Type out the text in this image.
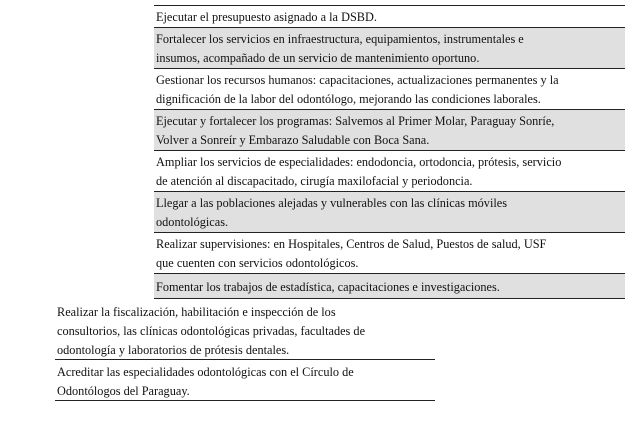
Ejecutar el presupuesto asignado a la DSBD.
Fortalecer los servicios en infraestructura, equipamientos, instrumentales e
insumos, acompañado de un servicio de mantenimiento oportuno.
Gestionar los recursos humanos: capacitaciones, actualizaciones permanentes y la
dignificación de la labor del odontólogo, mejorando las condiciones laborales.
Ejecutar y fortalecer los programas: Salvemos al Primer Molar, Paraguay Sonríe,
Volver a Sonreír y Embarazo Saludable con Boca Sana.
Ampliar los servicios de especialidades: endodoncia, ortodoncia, prótesis, servicio
de atención al discapacitado, cirugía maxilofacial y periodoncia.
Llegar a las poblaciones alejadas y vulnerables con las clínicas móviles
odontológicas.
Realizar supervisiones: en Hospitales, Centros de Salud, Puestos de salud, USF
que cuenten con servicios odontológicos.
Fomentar los trabajos de estadística, capacitaciones e investigaciones.
Realizar la fiscalización, habilitación e inspección de los
consultorios, las clínicas odontológicas privadas, facultades de
odontología y laboratorios de prótesis dentales.
Acreditar las especialidades odontológicas con el Círculo de
Odontólogos del Paraguay.
